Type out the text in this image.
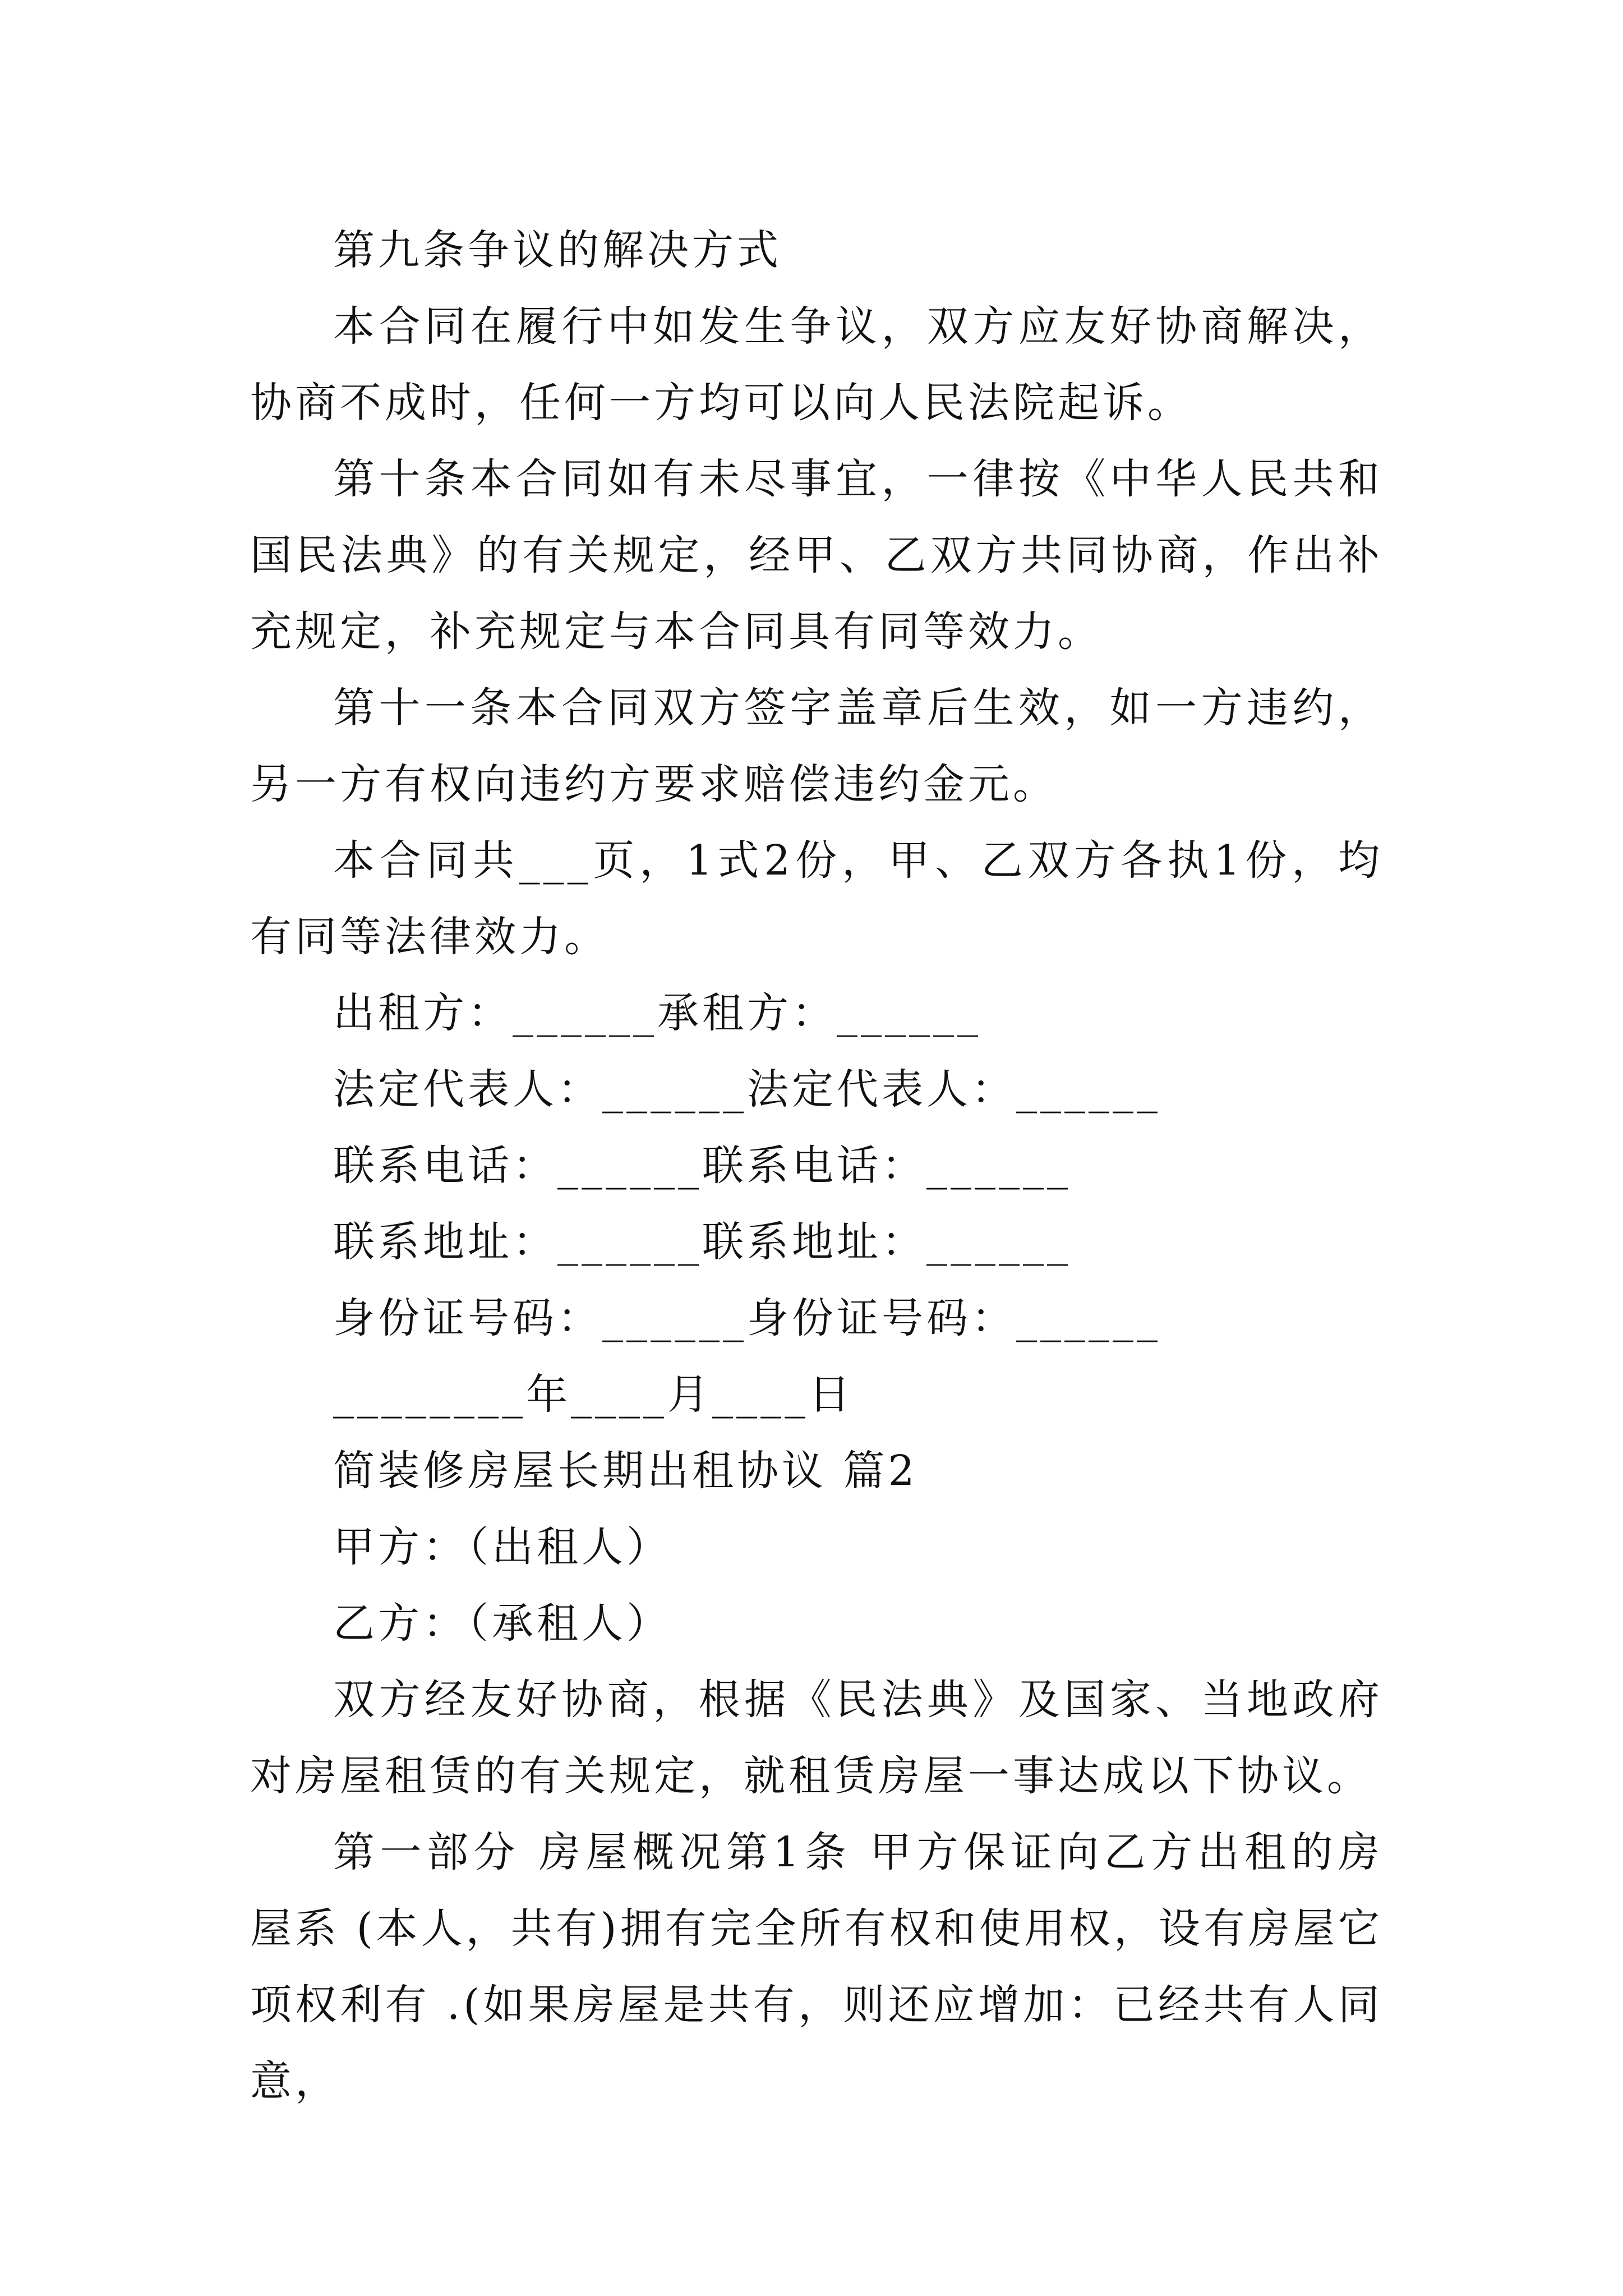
第九条争议的解决方式

本合同在履行中如发生争议，双方应友好协商解决，协商不成时，任何一方均可以向人民法院起诉。

第十条本合同如有未尽事宜，一律按《中华人民共和国民法典》的有关规定，经甲、乙双方共同协商，作出补充规定，补充规定与本合同具有同等效力。

第十一条本合同双方签字盖章后生效，如一方违约，另一方有权向违约方要求赔偿违约金元。

本合同共___页，1式2份，甲、乙双方各执1份，均有同等法律效力。

出租方：______承租方：______

法定代表人：______法定代表人：______

联系电话：______联系电话：______

联系地址：______联系地址：______

身份证号码：______身份证号码：______

________年____月____日

简装修房屋长期出租协议 篇2

甲方：（出租人）

乙方：（承租人）

双方经友好协商，根据《民法典》及国家、当地政府对房屋租赁的有关规定，就租赁房屋一事达成以下协议。

第一部分 房屋概况第1条 甲方保证向乙方出租的房屋系 (本人，共有)拥有完全所有权和使用权，设有房屋它项权利有 .(如果房屋是共有，则还应增加：已经共有人同意，
